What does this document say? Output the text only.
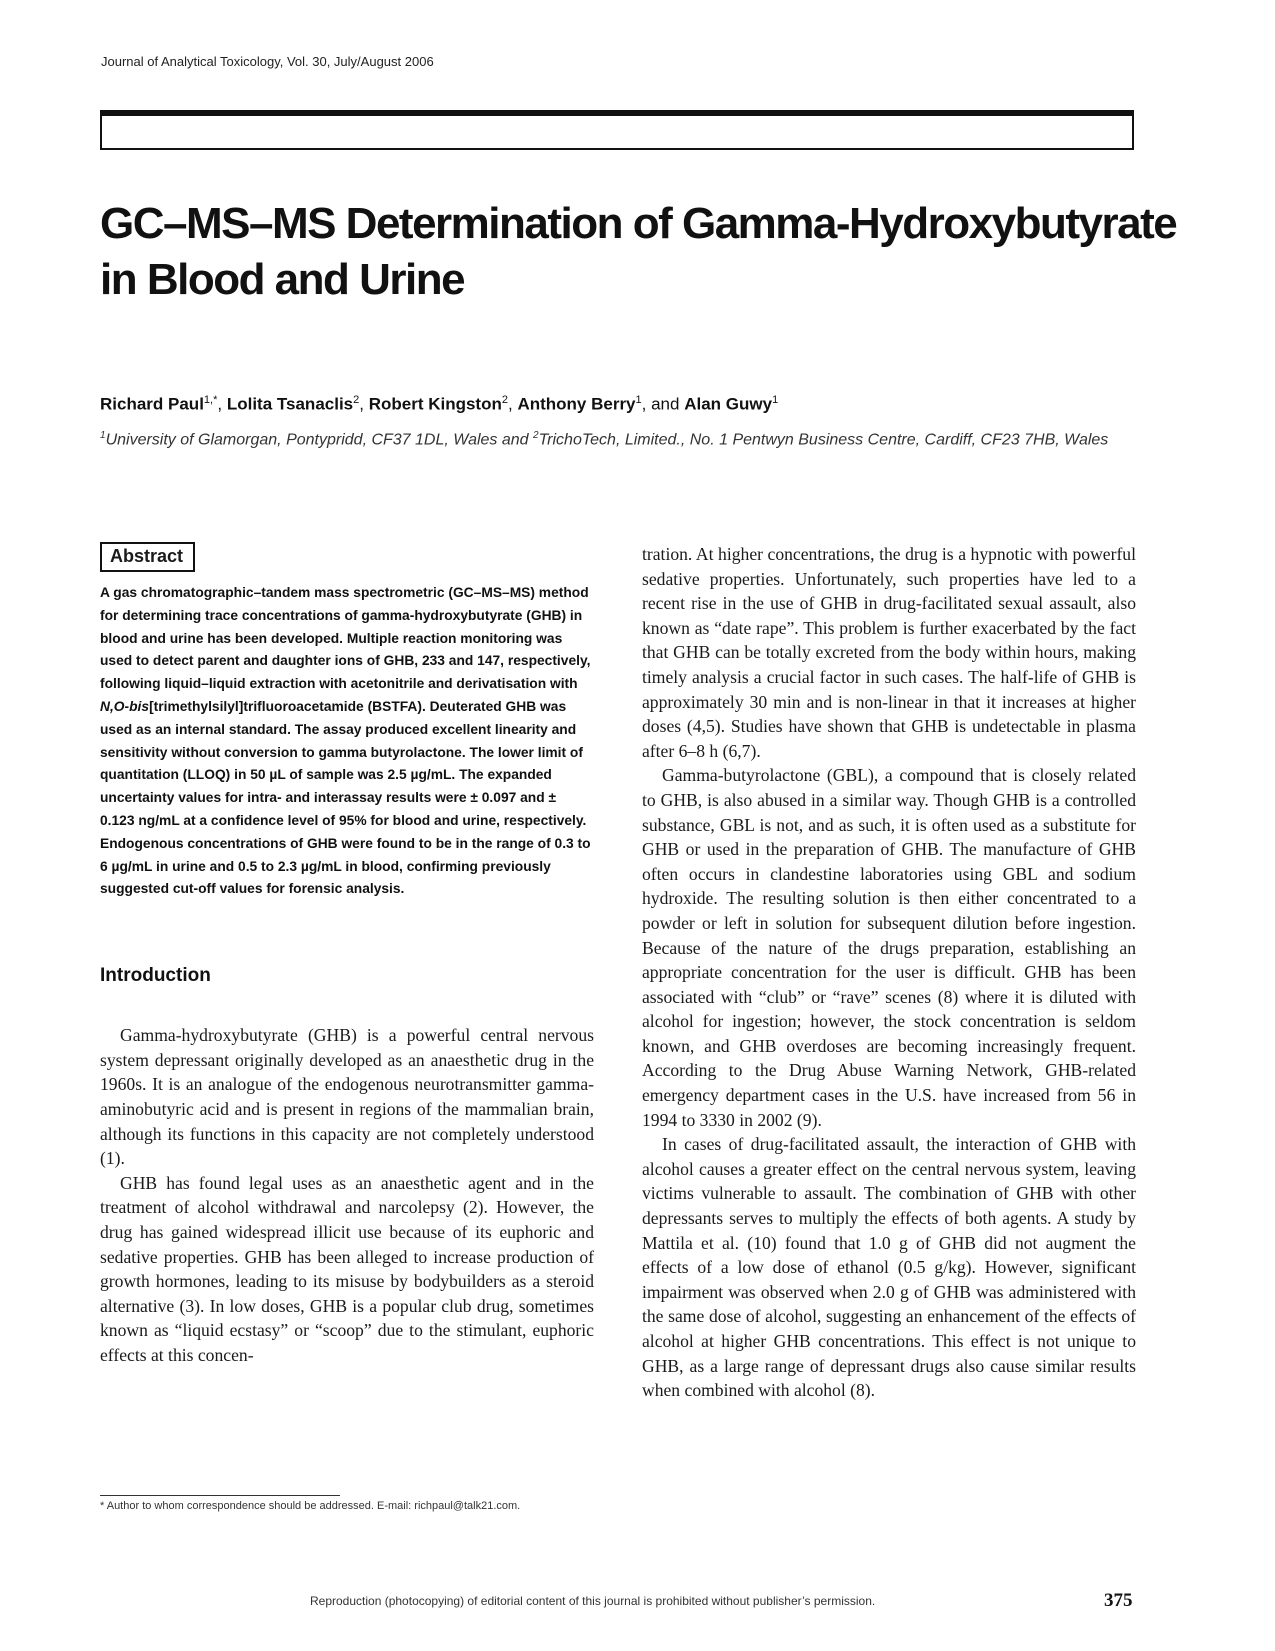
Journal of Analytical Toxicology, Vol. 30, July/August 2006
GC–MS–MS Determination of Gamma-Hydroxybutyrate
in Blood and Urine
Richard Paul$^{1,*}$, Lolita Tsanaclis$^2$, Robert Kingston$^2$, Anthony Berry$^1$, and Alan Guwy$^1$
$^1$University of Glamorgan, Pontypridd, CF37 1DL, Wales and $^2$TrichoTech, Limited., No. 1 Pentwyn Business Centre, Cardiff, CF23 7HB, Wales
Abstract

A gas chromatographic–tandem mass spectrometric (GC–MS–MS) method for determining trace concentrations of gamma-hydroxybutyrate (GHB) in blood and urine has been developed. Multiple reaction monitoring was used to detect parent and daughter ions of GHB, 233 and 147, respectively, following liquid–liquid extraction with acetonitrile and derivatisation with N,O-bis[trimethylsilyl]trifluoroacetamide (BSTFA). Deuterated GHB was used as an internal standard. The assay produced excellent linearity and sensitivity without conversion to gamma butyrolactone. The lower limit of quantitation (LLOQ) in 50 µL of sample was 2.5 µg/mL. The expanded uncertainty values for intra- and interassay results were ± 0.097 and ± 0.123 ng/mL at a confidence level of 95% for blood and urine, respectively. Endogenous concentrations of GHB were found to be in the range of 0.3 to 6 µg/mL in urine and 0.5 to 2.3 µg/mL in blood, confirming previously suggested cut-off values for forensic analysis.

Introduction

Gamma-hydroxybutyrate (GHB) is a powerful central nervous system depressant originally developed as an anaesthetic drug in the 1960s. It is an analogue of the endogenous neurotransmitter gamma-aminobutyric acid and is present in regions of the mammalian brain, although its functions in this capacity are not completely understood (1).

GHB has found legal uses as an anaesthetic agent and in the treatment of alcohol withdrawal and narcolepsy (2). However, the drug has gained widespread illicit use because of its euphoric and sedative properties. GHB has been alleged to increase production of growth hormones, leading to its misuse by bodybuilders as a steroid alternative (3). In low doses, GHB is a popular club drug, sometimes known as “liquid ecstasy” or “scoop” due to the stimulant, euphoric effects at this concen-

tration. At higher concentrations, the drug is a hypnotic with powerful sedative properties. Unfortunately, such properties have led to a recent rise in the use of GHB in drug-facilitated sexual assault, also known as “date rape”. This problem is further exacerbated by the fact that GHB can be totally excreted from the body within hours, making timely analysis a crucial factor in such cases. The half-life of GHB is approximately 30 min and is non-linear in that it increases at higher doses (4,5). Studies have shown that GHB is undetectable in plasma after 6–8 h (6,7).

Gamma-butyrolactone (GBL), a compound that is closely related to GHB, is also abused in a similar way. Though GHB is a controlled substance, GBL is not, and as such, it is often used as a substitute for GHB or used in the preparation of GHB. The manufacture of GHB often occurs in clandestine laboratories using GBL and sodium hydroxide. The resulting solution is then either concentrated to a powder or left in solution for subsequent dilution before ingestion. Because of the nature of the drugs preparation, establishing an appropriate concentration for the user is difficult. GHB has been associated with “club” or “rave” scenes (8) where it is diluted with alcohol for ingestion; however, the stock concentration is seldom known, and GHB overdoses are becoming increasingly frequent. According to the Drug Abuse Warning Network, GHB-related emergency department cases in the U.S. have increased from 56 in 1994 to 3330 in 2002 (9).

In cases of drug-facilitated assault, the interaction of GHB with alcohol causes a greater effect on the central nervous system, leaving victims vulnerable to assault. The combination of GHB with other depressants serves to multiply the effects of both agents. A study by Mattila et al. (10) found that 1.0 g of GHB did not augment the effects of a low dose of ethanol (0.5 g/kg). However, significant impairment was observed when 2.0 g of GHB was administered with the same dose of alcohol, suggesting an enhancement of the effects of alcohol at higher GHB concentrations. This effect is not unique to GHB, as a large range of depressant drugs also cause similar results when combined with alcohol (8).

* Author to whom correspondence should be addressed. E-mail: richpaul@talk21.com.
Reproduction (photocopying) of editorial content of this journal is prohibited without publisher’s permission.	375
